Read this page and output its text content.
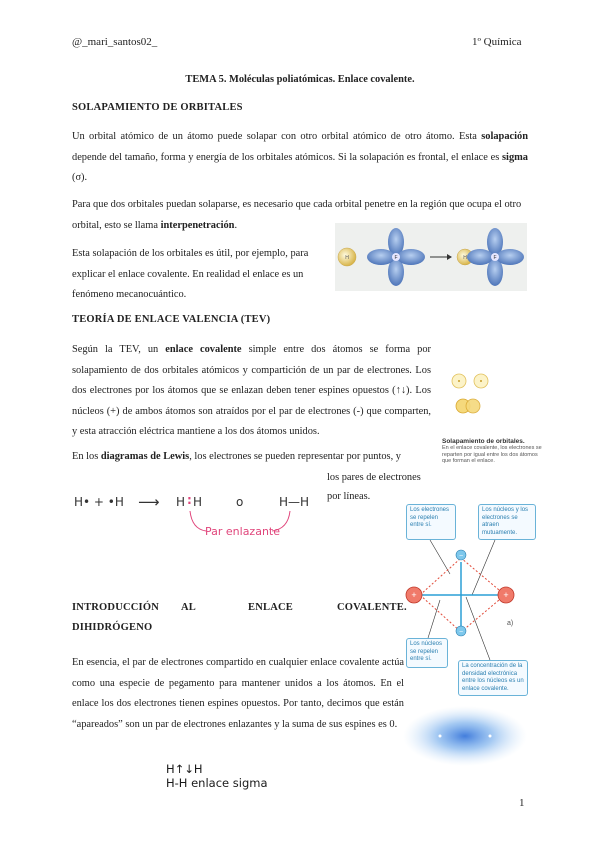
@_mari_santos02_	1º Química
TEMA 5. Moléculas poliatómicas. Enlace covalente.
SOLAPAMIENTO DE ORBITALES

Un orbital atómico de un átomo puede solapar con otro orbital atómico de otro átomo. Esta solapación depende del tamaño, forma y energía de los orbitales atómicos. Si la solapación es frontal, el enlace es sigma (σ).

Para que dos orbitales puedan solaparse, es necesario que cada orbital penetre en la región que ocupa el otro orbital, esto se llama interpenetración.

Esta solapación de los orbitales es útil, por ejemplo, para explicar el enlace covalente. En realidad el enlace es un fenómeno mecanocuántico.

H	F	H	F
TEORÍA DE ENLACE VALENCIA (TEV)

Según la TEV, un enlace covalente simple entre dos átomos se forma por solapamiento de dos orbitales atómicos y compartición de un par de electrones. Los dos electrones por los átomos que se enlazan deben tener espines opuestos (↑↓). Los núcleos (+) de ambos átomos son atraídos por el par de electrones (-) que comparten, y esta atracción eléctrica mantiene a los dos átomos unidos.

En los diagramas de Lewis, los electrones se pueden representar por puntos, y

los pares de electrones
por líneas.
Solapamiento de orbitales.
En el enlace covalente, los electrones se reparten por igual entre los dos átomos que forman el enlace.
H• + •H ⟶ H : H	o	H—H
Par enlazante
Los electrones se repelen entre sí.
Los núcleos y los electrones se atraen mutuamente.
Los núcleos se repelen entre sí.
La concentración de la densidad electrónica entre los núcleos es un enlace covalente.
a)
+	+
−
−
INTRODUCCIÓN AL	ENLACE	COVALENTE.
DIHIDRÓGENO

En esencia, el par de electrones compartido en cualquier enlace covalente actúa como una especie de pegamento para mantener unidos a los átomos. En el enlace los dos electrones tienen espines opuestos. Por tanto, decimos que están “apareados” son un par de electrones enlazantes y la suma de sus espines es 0.

H↑↓H
H-H enlace sigma
1
